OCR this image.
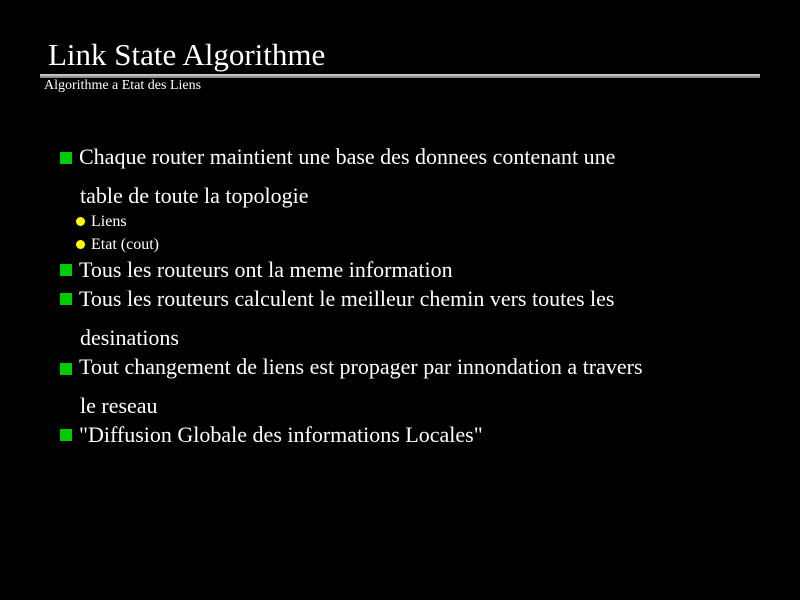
Link State Algorithme
Algorithme a Etat des Liens
Chaque router maintient une base des donnees contenant une
table de toute la topologie
Liens
Etat (cout)
Tous les routeurs ont la meme information
Tous les routeurs calculent le meilleur chemin vers toutes les
desinations
Tout changement de liens est propager par innondation a travers
le reseau
"Diffusion Globale des informations Locales"
